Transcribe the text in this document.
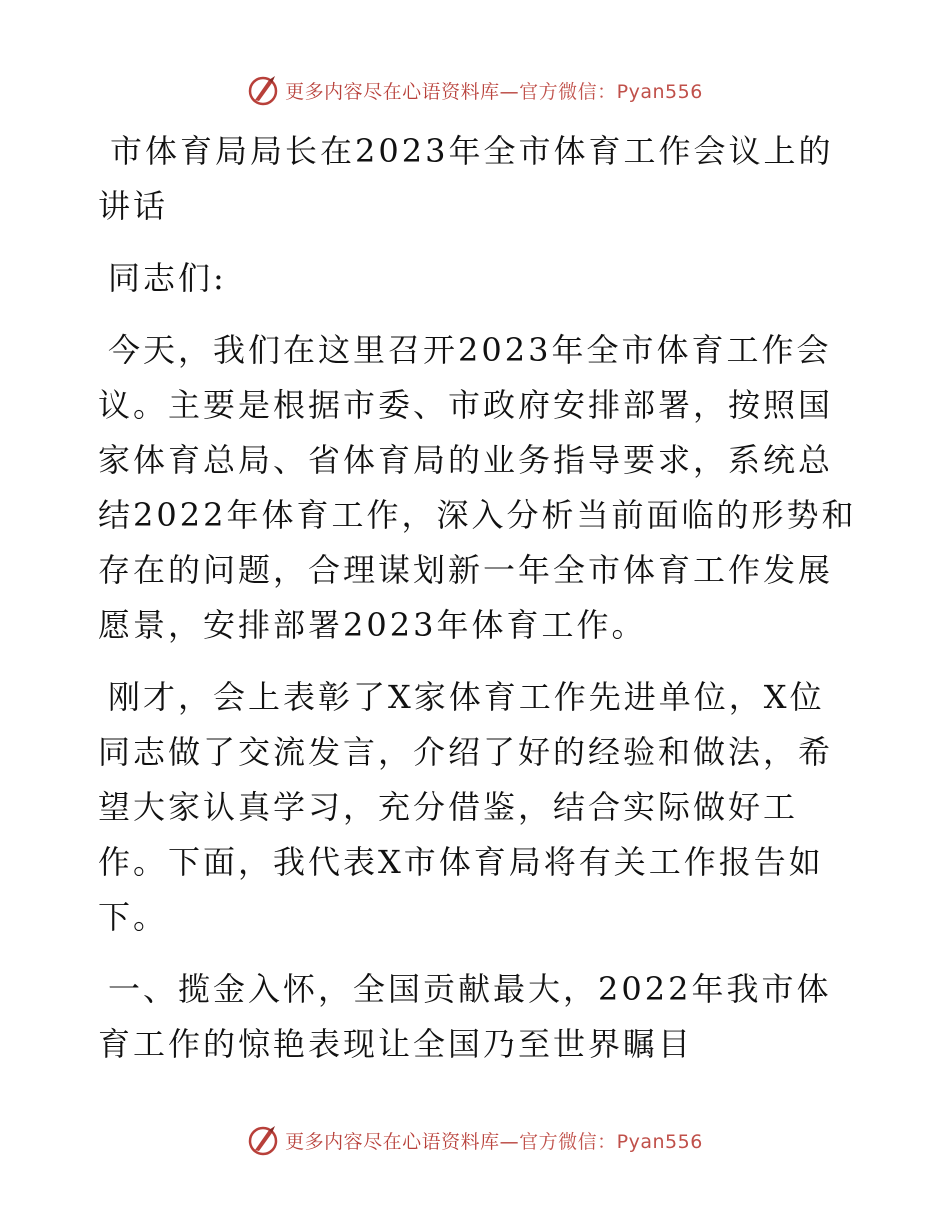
更多内容尽在心语资料库—官方微信：Pyan556

市体育局局长在2023年全市体育工作会议上的讲话

同志们:

今天，我们在这里召开2023年全市体育工作会议。主要是根据市委、市政府安排部署，按照国家体育总局、省体育局的业务指导要求，系统总结2022年体育工作，深入分析当前面临的形势和存在的问题，合理谋划新一年全市体育工作发展愿景，安排部署2023年体育工作。

刚才，会上表彰了X家体育工作先进单位，X位同志做了交流发言，介绍了好的经验和做法，希望大家认真学习，充分借鉴，结合实际做好工作。下面，我代表X市体育局将有关工作报告如下。

一、揽金入怀，全国贡献最大，2022年我市体育工作的惊艳表现让全国乃至世界瞩目

更多内容尽在心语资料库—官方微信：Pyan556
